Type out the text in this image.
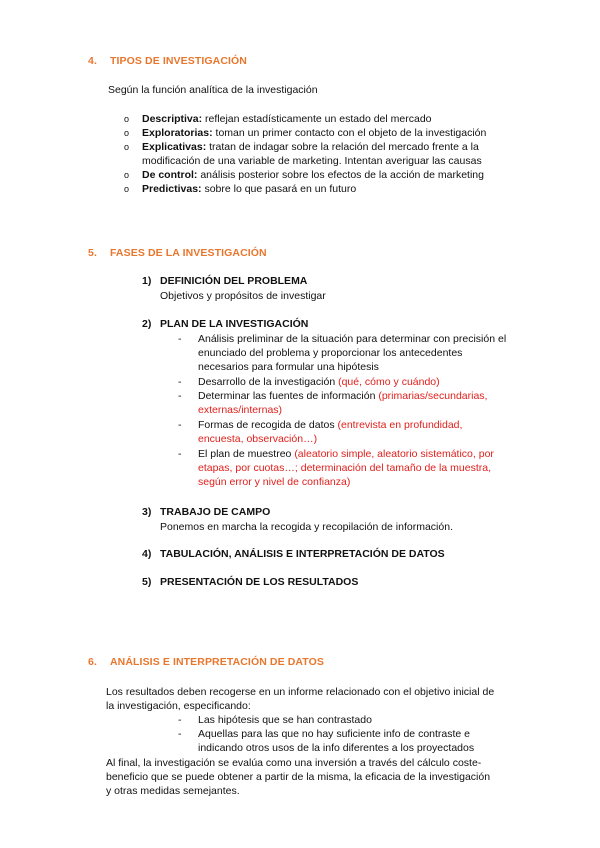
4. TIPOS DE INVESTIGACIÓN
Según la función analítica de la investigación
o Descriptiva: reflejan estadísticamente un estado del mercado
o Exploratorias: toman un primer contacto con el objeto de la investigación
o Explicativas: tratan de indagar sobre la relación del mercado frente a la
modificación de una variable de marketing. Intentan averiguar las causas
o De control: análisis posterior sobre los efectos de la acción de marketing
o Predictivas: sobre lo que pasará en un futuro
5. FASES DE LA INVESTIGACIÓN
1) DEFINICIÓN DEL PROBLEMA
Objetivos y propósitos de investigar
2) PLAN DE LA INVESTIGACIÓN
- Análisis preliminar de la situación para determinar con precisión el
enunciado del problema y proporcionar los antecedentes
necesarios para formular una hipótesis
- Desarrollo de la investigación (qué, cómo y cuándo)
- Determinar las fuentes de información (primarias/secundarias,
externas/internas)
- Formas de recogida de datos (entrevista en profundidad,
encuesta, observación…)
- El plan de muestreo (aleatorio simple, aleatorio sistemático, por
etapas, por cuotas…; determinación del tamaño de la muestra,
según error y nivel de confianza)
3) TRABAJO DE CAMPO
Ponemos en marcha la recogida y recopilación de información.
4) TABULACIÓN, ANÁLISIS E INTERPRETACIÓN DE DATOS
5) PRESENTACIÓN DE LOS RESULTADOS
6. ANÁLISIS E INTERPRETACIÓN DE DATOS
Los resultados deben recogerse en un informe relacionado con el objetivo inicial de
la investigación, especificando:
- Las hipótesis que se han contrastado
- Aquellas para las que no hay suficiente info de contraste e
indicando otros usos de la info diferentes a los proyectados
Al final, la investigación se evalúa como una inversión a través del cálculo coste-
beneficio que se puede obtener a partir de la misma, la eficacia de la investigación
y otras medidas semejantes.
